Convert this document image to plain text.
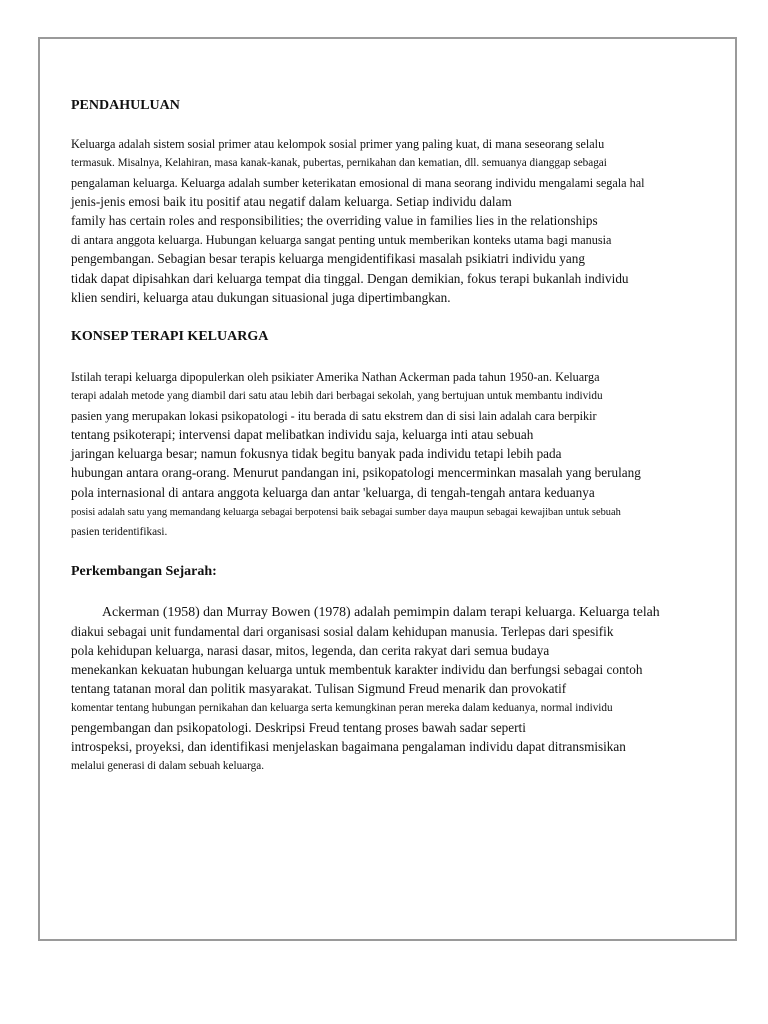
PENDAHULUAN
Keluarga adalah sistem sosial primer atau kelompok sosial primer yang paling kuat, di mana seseorang selalu
termasuk. Misalnya, Kelahiran, masa kanak-kanak, pubertas, pernikahan dan kematian, dll. semuanya dianggap sebagai
pengalaman keluarga. Keluarga adalah sumber keterikatan emosional di mana seorang individu mengalami segala hal
jenis-jenis emosi baik itu positif atau negatif dalam keluarga. Setiap individu dalam
family has certain roles and responsibilities; the overriding value in families lies in the relationships
di antara anggota keluarga. Hubungan keluarga sangat penting untuk memberikan konteks utama bagi manusia
pengembangan. Sebagian besar terapis keluarga mengidentifikasi masalah psikiatri individu yang
tidak dapat dipisahkan dari keluarga tempat dia tinggal. Dengan demikian, fokus terapi bukanlah individu
klien sendiri, keluarga atau dukungan situasional juga dipertimbangkan.
KONSEP TERAPI KELUARGA
Istilah terapi keluarga dipopulerkan oleh psikiater Amerika Nathan Ackerman pada tahun 1950-an. Keluarga
terapi adalah metode yang diambil dari satu atau lebih dari berbagai sekolah, yang bertujuan untuk membantu individu
pasien yang merupakan lokasi psikopatologi - itu berada di satu ekstrem dan di sisi lain adalah cara berpikir
tentang psikoterapi; intervensi dapat melibatkan individu saja, keluarga inti atau sebuah
jaringan keluarga besar; namun fokusnya tidak begitu banyak pada individu tetapi lebih pada
hubungan antara orang-orang. Menurut pandangan ini, psikopatologi mencerminkan masalah yang berulang
pola internasional di antara anggota keluarga dan antar 'keluarga, di tengah-tengah antara keduanya
posisi adalah satu yang memandang keluarga sebagai berpotensi baik sebagai sumber daya maupun sebagai kewajiban untuk sebuah
pasien teridentifikasi.
Perkembangan Sejarah:
Ackerman (1958) dan Murray Bowen (1978) adalah pemimpin dalam terapi keluarga. Keluarga telah
diakui sebagai unit fundamental dari organisasi sosial dalam kehidupan manusia. Terlepas dari spesifik
pola kehidupan keluarga, narasi dasar, mitos, legenda, dan cerita rakyat dari semua budaya
menekankan kekuatan hubungan keluarga untuk membentuk karakter individu dan berfungsi sebagai contoh
tentang tatanan moral dan politik masyarakat. Tulisan Sigmund Freud menarik dan provokatif
komentar tentang hubungan pernikahan dan keluarga serta kemungkinan peran mereka dalam keduanya, normal individu
pengembangan dan psikopatologi. Deskripsi Freud tentang proses bawah sadar seperti
introspeksi, proyeksi, dan identifikasi menjelaskan bagaimana pengalaman individu dapat ditransmisikan
melalui generasi di dalam sebuah keluarga.
